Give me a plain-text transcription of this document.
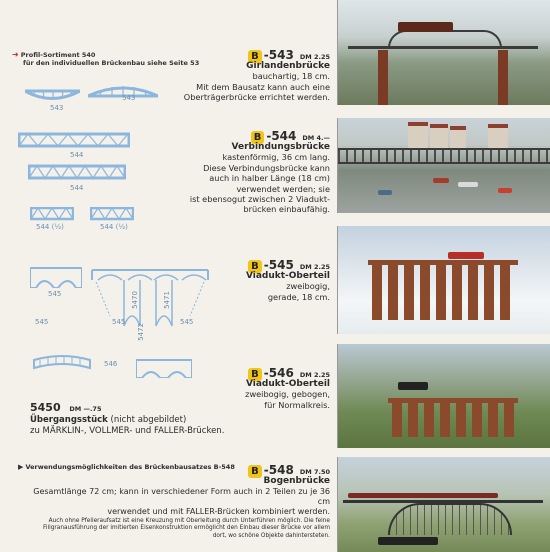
➜ Profil-Sortiment 540
für den individuellen Brückenbau siehe Seite 53
543
543
544
544
544 (½)	544 (½)
545
545	545	545
5470	5471
5472
546
B -543 DM 2.25
Girlandenbrücke
bauchartig, 18 cm.
Mit dem Bausatz kann auch eine
Oberträgerbrücke errichtet werden.
B -544 DM 4.—
Verbindungsbrücke
kastenförmig, 36 cm lang.
Diese Verbindungsbrücke kann
auch in halber Länge (18 cm)
verwendet werden; sie
ist ebensogut zwischen 2 Viadukt-
brücken einbaufähig.
B -545 DM 2.25
Viadukt-Oberteil
zweibogig,
gerade, 18 cm.
B -546 DM 2.25
Viadukt-Oberteil
zweibogig, gebogen,
für Normalkreis.
5450 DM —.75
Übergangsstück (nicht abgebildet)
zu MÄRKLIN-, VOLLMER- und FALLER-Brücken.
▶ Verwendungsmöglichkeiten des Brückenbausatzes B-548	B -548 DM 7.50
Bogenbrücke
Gesamtlänge 72 cm; kann in verschiedener Form auch in 2 Teilen zu je 36 cm
verwendet und mit FALLER-Brücken kombiniert werden.
Auch ohne Pfeileraufsatz ist eine Kreuzung mit Oberleitung durch Unterführen möglich. Die feine
Filigranausführung der imitierten Eisenkonstruktion ermöglicht den Einbau dieser Brücke vor allem
dort, wo schöne Objekte dahintersteten.
